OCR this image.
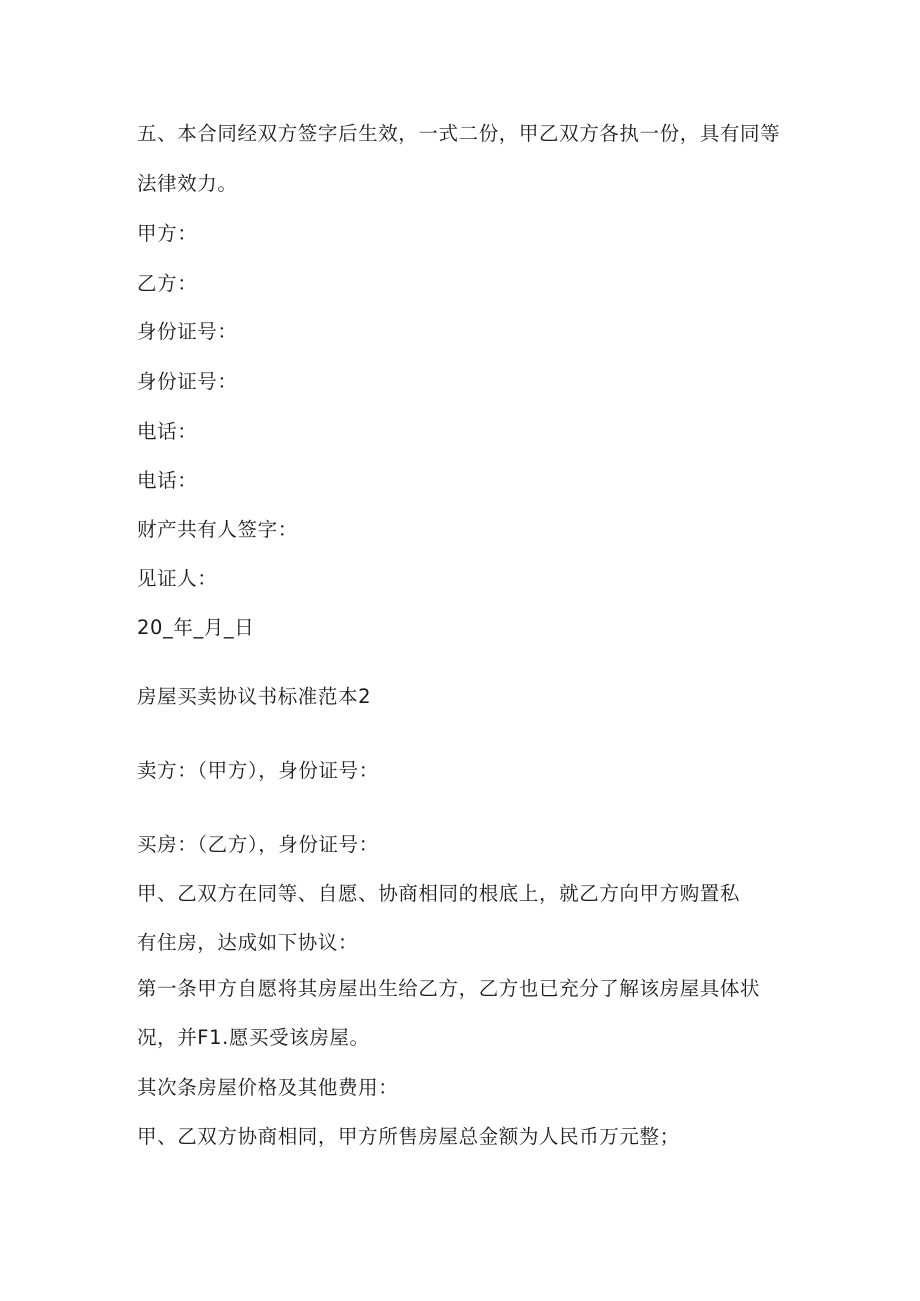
五、本合同经双方签字后生效，一式二份，甲乙双方各执一份，具有同等
法律效力。
甲方：
乙方：
身份证号：
身份证号：
电话：
电话：
财产共有人签字：
见证人：
20_年_月_日
房屋买卖协议书标准范本2
卖方：（甲方），身份证号：
买房：（乙方），身份证号：
甲、乙双方在同等、自愿、协商相同的根底上，就乙方向甲方购置私
有住房，达成如下协议：
第一条甲方自愿将其房屋出生给乙方，乙方也已充分了解该房屋具体状
况，并F1.愿买受该房屋。
其次条房屋价格及其他费用：
甲、乙双方协商相同，甲方所售房屋总金额为人民币万元整；
